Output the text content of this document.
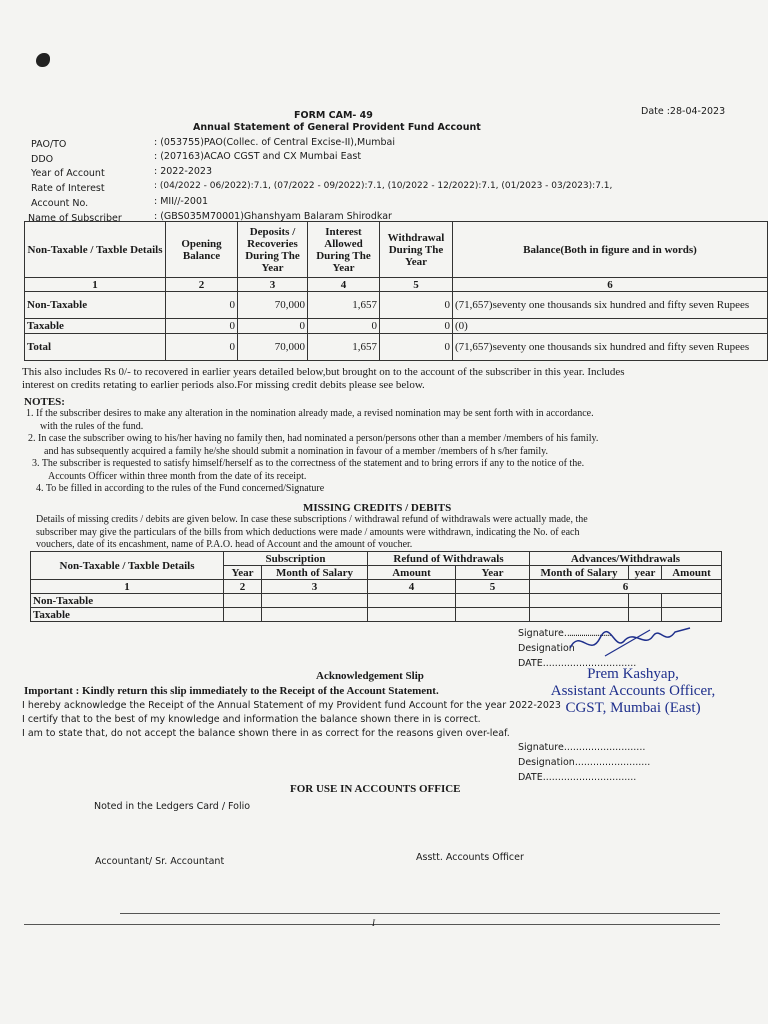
FORM CAM- 49
Annual Statement of General Provident Fund Account
Date :28-04-2023
PAO/TO	: (053755)PAO(Collec. of Central Excise-II),Mumbai
DDO	: (207163)ACAO CGST and CX Mumbai East
Year of Account	: 2022-2023
Rate of Interest	: (04/2022 - 06/2022):7.1, (07/2022 - 09/2022):7.1, (10/2022 - 12/2022):7.1, (01/2023 - 03/2023):7.1,
Account No.	: MII//-2001
Name of Subscriber	: (GBS035M70001)Ghanshyam Balaram Shirodkar
Non-Taxable / Taxble Details	Opening Balance	Deposits / Recoveries During The Year	Interest Allowed During The Year	Withdrawal During The Year	Balance(Both in figure and in words)
1	2	3	4	5	6
Non-Taxable	0	70,000	1,657	0	(71,657)seventy one thousands six hundred and fifty seven Rupees
Taxable	0	0	0	0	(0)
Total	0	70,000	1,657	0	(71,657)seventy one thousands six hundred and fifty seven Rupees
This also includes Rs 0/- to recovered in earlier years detailed below,but brought on to the account of the subscriber in this year. Includes
interest on credits retating to earlier periods also.For missing credit debits please see below.
NOTES:
1. If the subscriber desires to make any alteration in the nomination already made, a revised nomination may be sent forth with in accordance.
with the rules of the fund.
2. In case the subscriber owing to his/her having no family then, had nominated a person/persons other than a member /members of his family.
and has subsequently acquired a family he/she should submit a nomination in favour of a member /members of h s/her family.
3. The subscriber is requested to satisfy himself/herself as to the correctness of the statement and to bring errors if any to the notice of the.
Accounts Officer within three month from the date of its receipt.
4. To be filled in according to the rules of the Fund concerned/Signature
MISSING CREDITS / DEBITS
Details of missing credits / debits are given below. In case these subscriptions / withdrawal refund of withdrawals were actually made, the
subscriber may give the particulars of the bills from which deductions were made / amounts were withdrawn, indicating the No. of each
vouchers, date of its encashment, name of P.A.O. head of Account and the amount of voucher.
Non-Taxable / Taxble Details	Subscription		Refund of Withdrawals		Advances/Withdrawals		
	Year	Month of Salary	Amount	Year	Month of Salary	year	Amount
1	2	3	4	5	6		
Non-Taxable							
Taxable							
Signature.......................
Designation
DATE...............................
Prem Kashyap,
Assistant Accounts Officer,
CGST, Mumbai (East)
Acknowledgement Slip
Important : Kindly return this slip immediately to the Receipt of the Account Statement.
I hereby acknowledge the Receipt of the Annual Statement of my Provident fund Account for the year 2022-2023
I certify that to the best of my knowledge and information the balance shown there in is correct.
I am to state that, do not accept the balance shown there in as correct for the reasons given over-leaf.
Signature...........................
Designation.........................
DATE...............................
FOR USE IN ACCOUNTS OFFICE
Noted in the Ledgers Card / Folio
Accountant/ Sr. Accountant	Asstt. Accounts Officer
I
